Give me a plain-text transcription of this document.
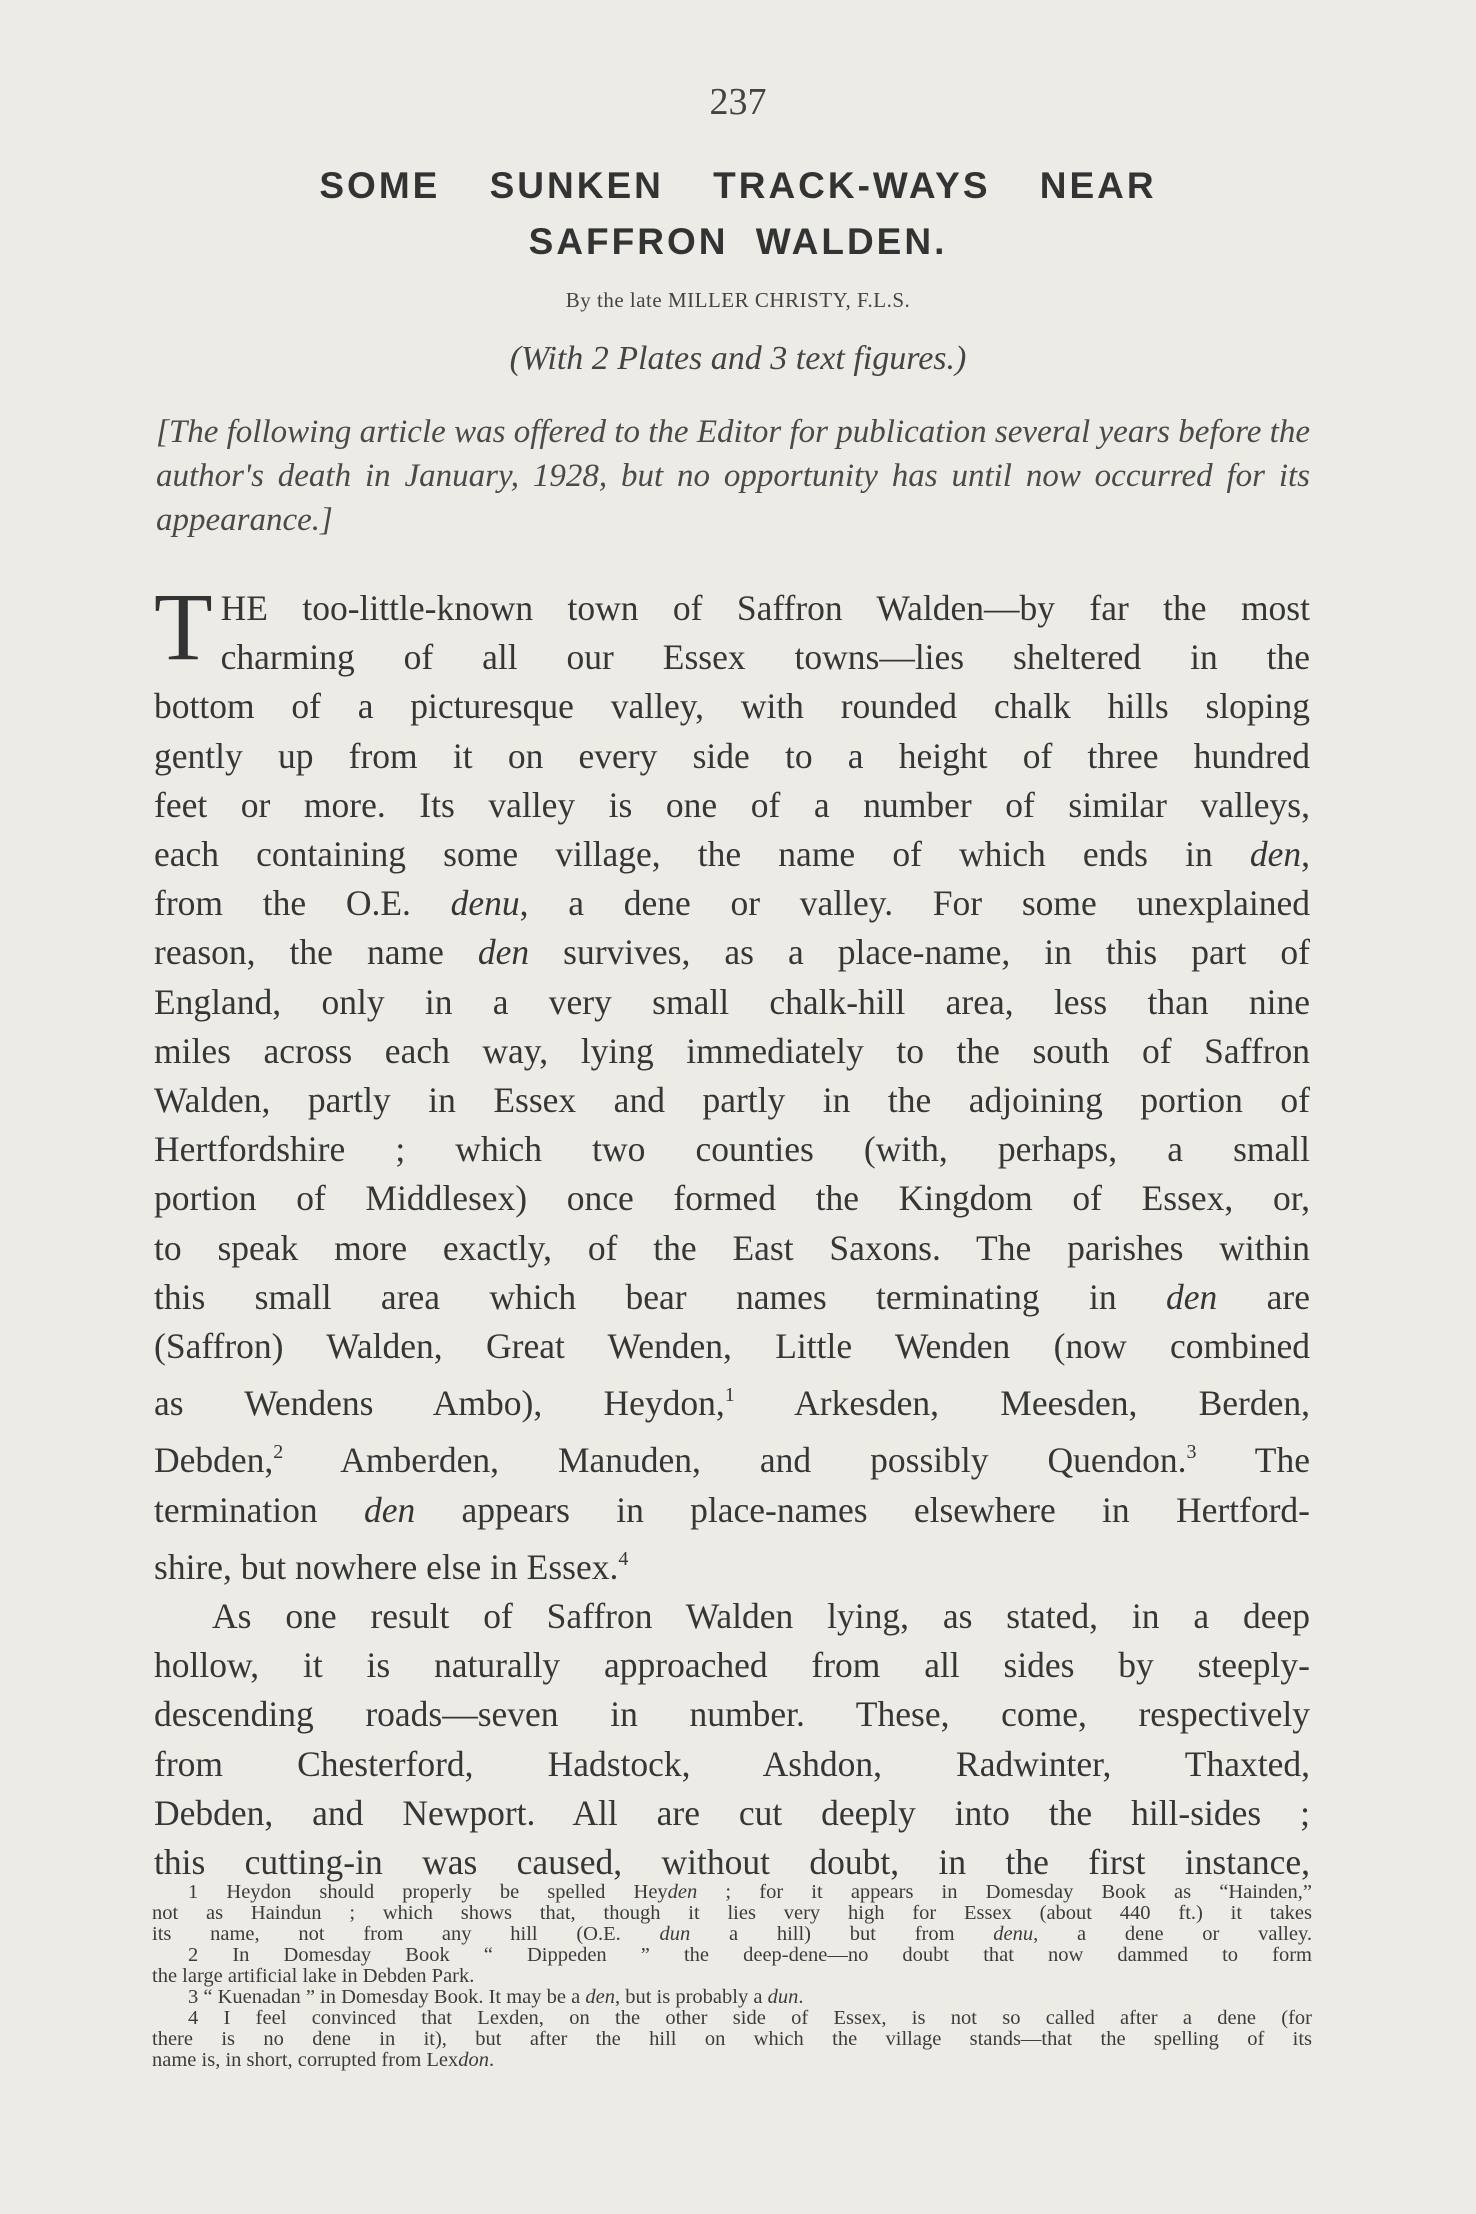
237
SOME SUNKEN TRACK-WAYS NEAR
SAFFRON WALDEN.
By the late MILLER CHRISTY, F.L.S.
(With 2 Plates and 3 text figures.)
[The following article was offered to the Editor for publication several years before the author's death in January, 1928, but no opportunity has until now occurred for its appearance.]
T HE too-little-known town of Saffron Walden—by far the most
charming of all our Essex towns—lies sheltered in the
bottom of a picturesque valley, with rounded chalk hills sloping
gently up from it on every side to a height of three hundred
feet or more. Its valley is one of a number of similar valleys,
each containing some village, the name of which ends in den,
from the O.E. denu, a dene or valley. For some unexplained
reason, the name den survives, as a place-name, in this part of
England, only in a very small chalk-hill area, less than nine
miles across each way, lying immediately to the south of Saffron
Walden, partly in Essex and partly in the adjoining portion of
Hertfordshire ; which two counties (with, perhaps, a small
portion of Middlesex) once formed the Kingdom of Essex, or,
to speak more exactly, of the East Saxons. The parishes within
this small area which bear names terminating in den are
(Saffron) Walden, Great Wenden, Little Wenden (now combined
as Wendens Ambo), Heydon,$^1$ Arkesden, Meesden, Berden,
Debden,$^2$ Amberden, Manuden, and possibly Quendon.$^3$ The
termination den appears in place-names elsewhere in Hertford-
shire, but nowhere else in Essex.$^4$
As one result of Saffron Walden lying, as stated, in a deep
hollow, it is naturally approached from all sides by steeply-
descending roads—seven in number. These, come, respectively
from Chesterford, Hadstock, Ashdon, Radwinter, Thaxted,
Debden, and Newport. All are cut deeply into the hill-sides ;
this cutting-in was caused, without doubt, in the first instance,
1 Heydon should properly be spelled Heyden ; for it appears in Domesday Book as “Hainden,”
not as Haindun ; which shows that, though it lies very high for Essex (about 440 ft.) it takes
its name, not from any hill (O.E. dun a hill) but from denu, a dene or valley.
2 In Domesday Book “ Dippeden ” the deep-dene—no doubt that now dammed to form
the large artificial lake in Debden Park.
3 “ Kuenadan ” in Domesday Book. It may be a den, but is probably a dun.
4 I feel convinced that Lexden, on the other side of Essex, is not so called after a dene (for
there is no dene in it), but after the hill on which the village stands—that the spelling of its
name is, in short, corrupted from Lexdon.
